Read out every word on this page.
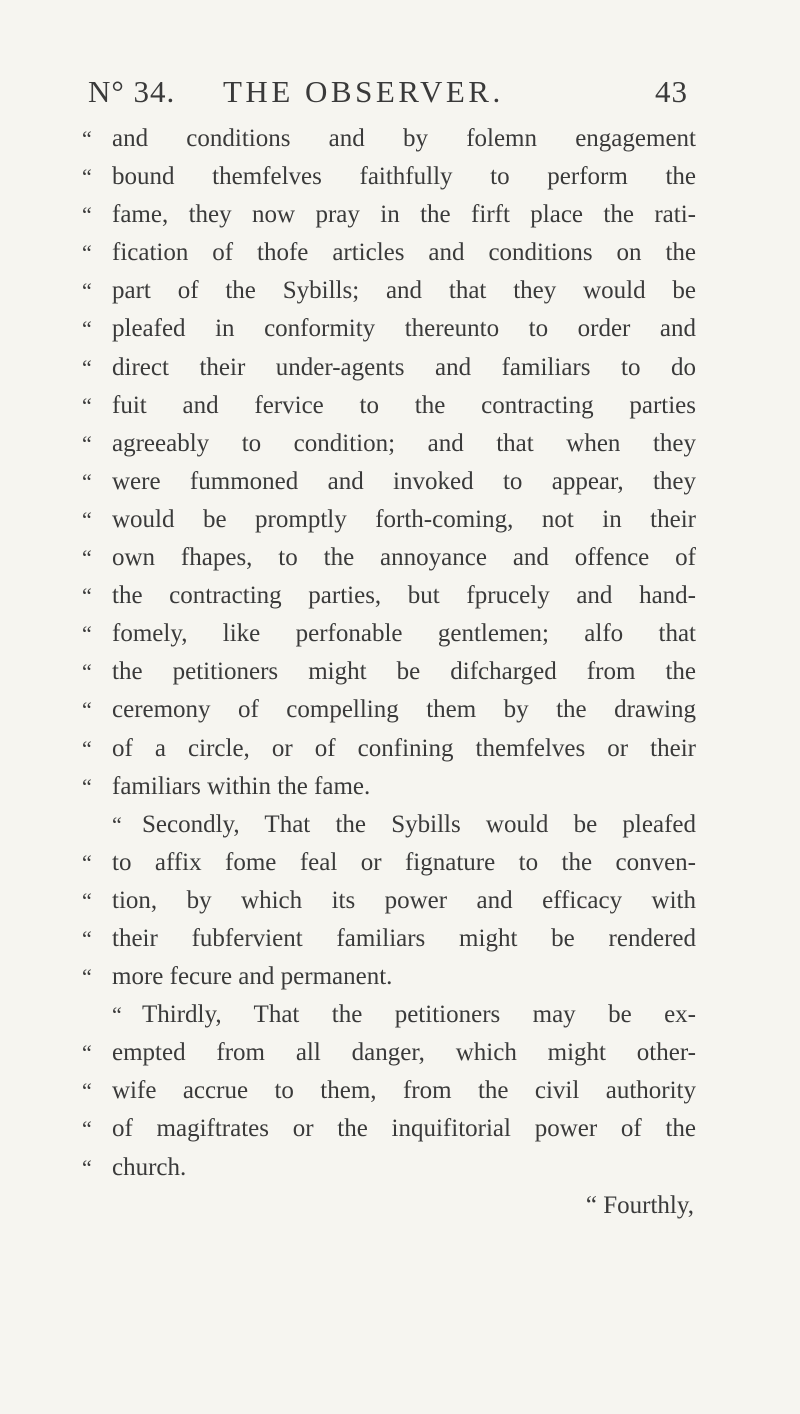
N° 34. THE OBSERVER.	43
“ and conditions and by folemn engagement
“ bound themfelves faithfully to perform the
“ fame, they now pray in the firft place the rati-
“ fication of thofe articles and conditions on the
“ part of the Sybills; and that they would be
“ pleafed in conformity thereunto to order and
“ direct their under-agents and familiars to do
“ fuit and fervice to the contracting parties
“ agreeably to condition; and that when they
“ were fummoned and invoked to appear, they
“ would be promptly forth-coming, not in their
“ own fhapes, to the annoyance and offence of
“ the contracting parties, but fprucely and hand-
“ fomely, like perfonable gentlemen; alfo that
“ the petitioners might be difcharged from the
“ ceremony of compelling them by the drawing
“ of a circle, or of confining themfelves or their
“ familiars within the fame.
“ Secondly, That the Sybills would be pleafed
“ to affix fome feal or fignature to the conven-
“ tion, by which its power and efficacy with
“ their fubfervient familiars might be rendered
“ more fecure and permanent.
“ Thirdly, That the petitioners may be ex-
“ empted from all danger, which might other-
“ wife accrue to them, from the civil authority
“ of magiftrates or the inquifitorial power of the
“ church.
“ Fourthly,
